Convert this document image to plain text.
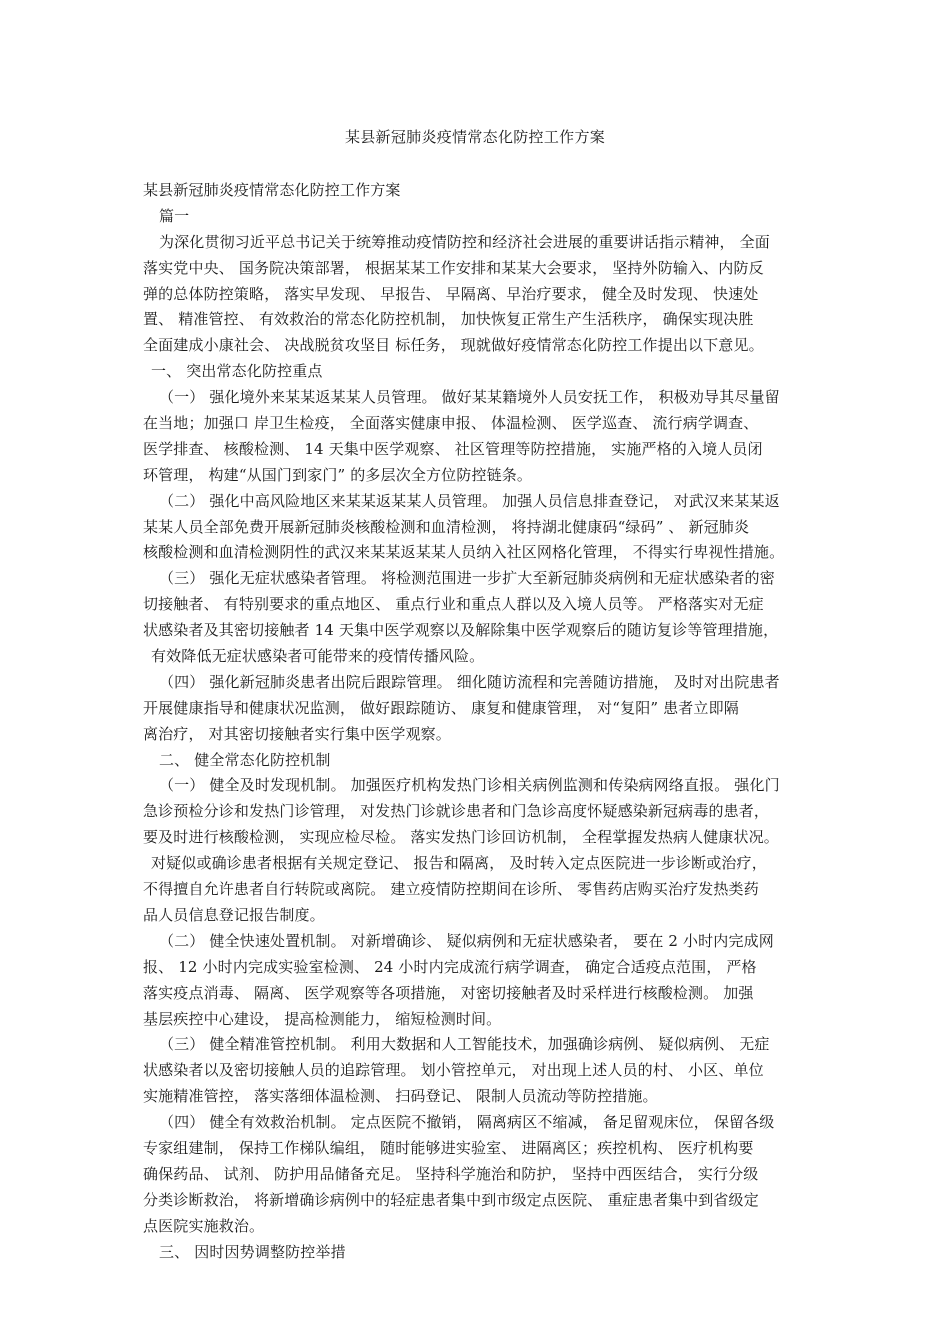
某县新冠肺炎疫情常态化防控工作方案
某县新冠肺炎疫情常态化防控工作方案
篇一
为深化贯彻习近平总书记关于统筹推动疫情防控和经济社会进展的重要讲话指示精神， 全面
落实党中央、 国务院决策部署， 根据某某工作安排和某某大会要求， 坚持外防输入、内防反
弹的总体防控策略， 落实早发现、 早报告、 早隔离、早治疗要求， 健全及时发现、 快速处
置、 精准管控、 有效救治的常态化防控机制， 加快恢复正常生产生活秩序， 确保实现决胜
全面建成小康社会、 决战脱贫攻坚目 标任务， 现就做好疫情常态化防控工作提出以下意见。
一、 突出常态化防控重点
（一） 强化境外来某某返某某人员管理。 做好某某籍境外人员安抚工作， 积极劝导其尽量留
在当地；加强口 岸卫生检疫， 全面落实健康申报、 体温检测、 医学巡查、 流行病学调查、
医学排查、 核酸检测、 14 天集中医学观察、 社区管理等防控措施， 实施严格的入境人员闭
环管理， 构建“从国门到家门” 的多层次全方位防控链条。
（二） 强化中高风险地区来某某返某某人员管理。 加强人员信息排查登记， 对武汉来某某返
某某人员全部免费开展新冠肺炎核酸检测和血清检测， 将持湖北健康码“绿码” 、 新冠肺炎
核酸检测和血清检测阴性的武汉来某某返某某人员纳入社区网格化管理， 不得实行卑视性措施。
（三） 强化无症状感染者管理。 将检测范围进一步扩大至新冠肺炎病例和无症状感染者的密
切接触者、 有特别要求的重点地区、 重点行业和重点人群以及入境人员等。 严格落实对无症
状感染者及其密切接触者 14 天集中医学观察以及解除集中医学观察后的随访复诊等管理措施，
有效降低无症状感染者可能带来的疫情传播风险。
（四） 强化新冠肺炎患者出院后跟踪管理。 细化随访流程和完善随访措施， 及时对出院患者
开展健康指导和健康状况监测， 做好跟踪随访、 康复和健康管理， 对“复阳” 患者立即隔
离治疗， 对其密切接触者实行集中医学观察。
二、 健全常态化防控机制
（一） 健全及时发现机制。 加强医疗机构发热门诊相关病例监测和传染病网络直报。 强化门
急诊预检分诊和发热门诊管理， 对发热门诊就诊患者和门急诊高度怀疑感染新冠病毒的患者，
要及时进行核酸检测， 实现应检尽检。 落实发热门诊回访机制， 全程掌握发热病人健康状况。
对疑似或确诊患者根据有关规定登记、 报告和隔离， 及时转入定点医院进一步诊断或治疗，
不得擅自允许患者自行转院或离院。 建立疫情防控期间在诊所、 零售药店购买治疗发热类药
品人员信息登记报告制度。
（二） 健全快速处置机制。 对新增确诊、 疑似病例和无症状感染者， 要在 2 小时内完成网
报、 12 小时内完成实验室检测、 24 小时内完成流行病学调查， 确定合适疫点范围， 严格
落实疫点消毒、 隔离、 医学观察等各项措施， 对密切接触者及时采样进行核酸检测。 加强
基层疾控中心建设， 提高检测能力， 缩短检测时间。
（三） 健全精准管控机制。 利用大数据和人工智能技术，加强确诊病例、 疑似病例、 无症
状感染者以及密切接触人员的追踪管理。 划小管控单元， 对出现上述人员的村、 小区、单位
实施精准管控， 落实落细体温检测、 扫码登记、 限制人员流动等防控措施。
（四） 健全有效救治机制。 定点医院不撤销， 隔离病区不缩减， 备足留观床位， 保留各级
专家组建制， 保持工作梯队编组， 随时能够进实验室、 进隔离区；疾控机构、 医疗机构要
确保药品、 试剂、 防护用品储备充足。 坚持科学施治和防护， 坚持中西医结合， 实行分级
分类诊断救治， 将新增确诊病例中的轻症患者集中到市级定点医院、 重症患者集中到省级定
点医院实施救治。
三、 因时因势调整防控举措
